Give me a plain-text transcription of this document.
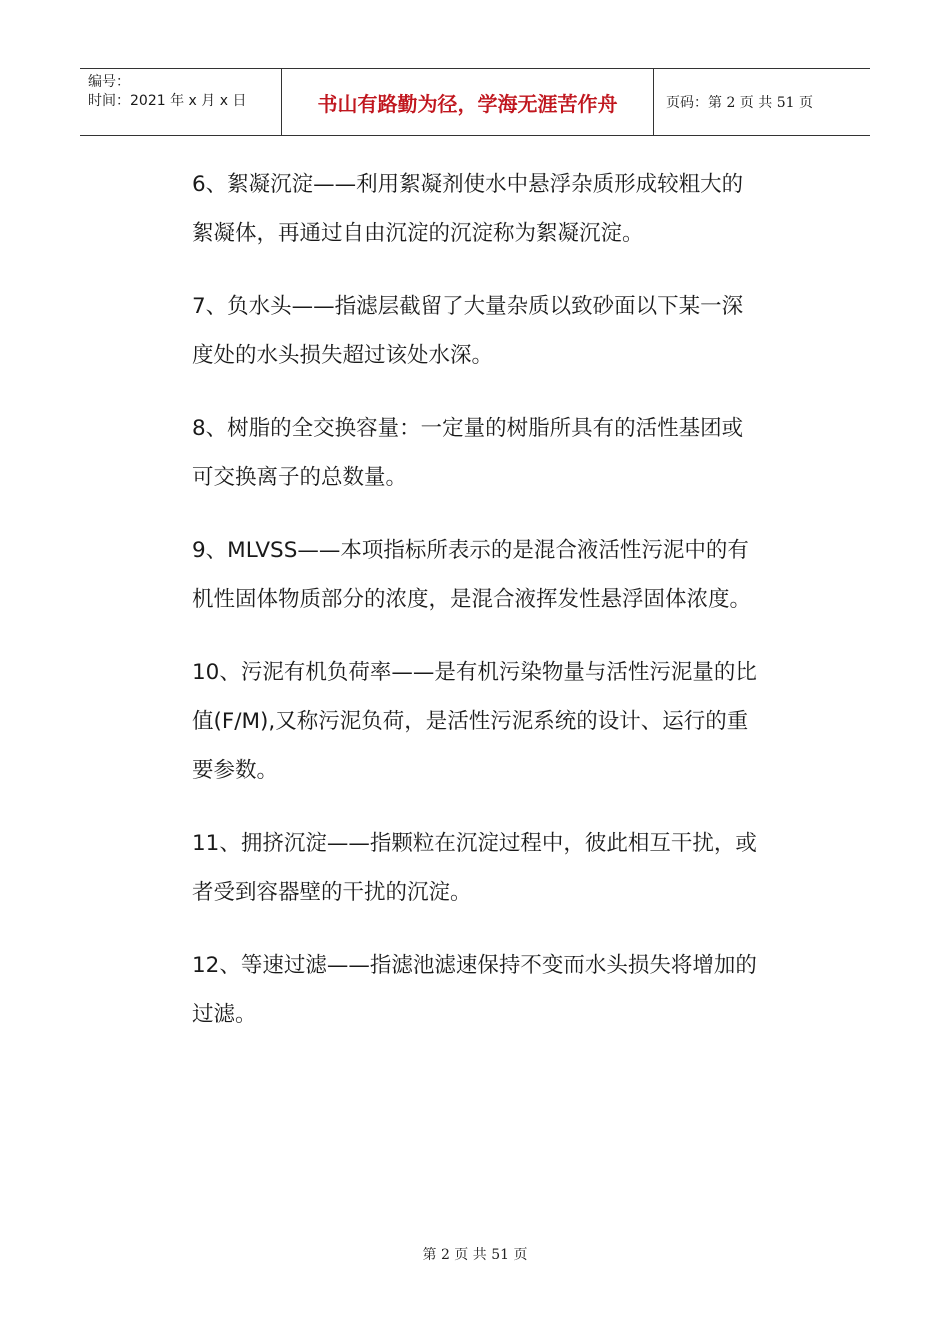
编号：
时间：2021 年 x 月 x 日	书山有路勤为径，学海无涯苦作舟	页码：第 2 页 共 51 页

6、絮凝沉淀——利用絮凝剂使水中悬浮杂质形成较粗大的絮凝体，再通过自由沉淀的沉淀称为絮凝沉淀。

7、负水头——指滤层截留了大量杂质以致砂面以下某一深度处的水头损失超过该处水深。

8、树脂的全交换容量：一定量的树脂所具有的活性基团或可交换离子的总数量。

9、MLVSS——本项指标所表示的是混合液活性污泥中的有机性固体物质部分的浓度，是混合液挥发性悬浮固体浓度。

10、污泥有机负荷率——是有机污染物量与活性污泥量的比值(F/M),又称污泥负荷，是活性污泥系统的设计、运行的重要参数。

11、拥挤沉淀——指颗粒在沉淀过程中，彼此相互干扰，或者受到容器壁的干扰的沉淀。

12、等速过滤——指滤池滤速保持不变而水头损失将增加的过滤。

第 2 页 共 51 页
